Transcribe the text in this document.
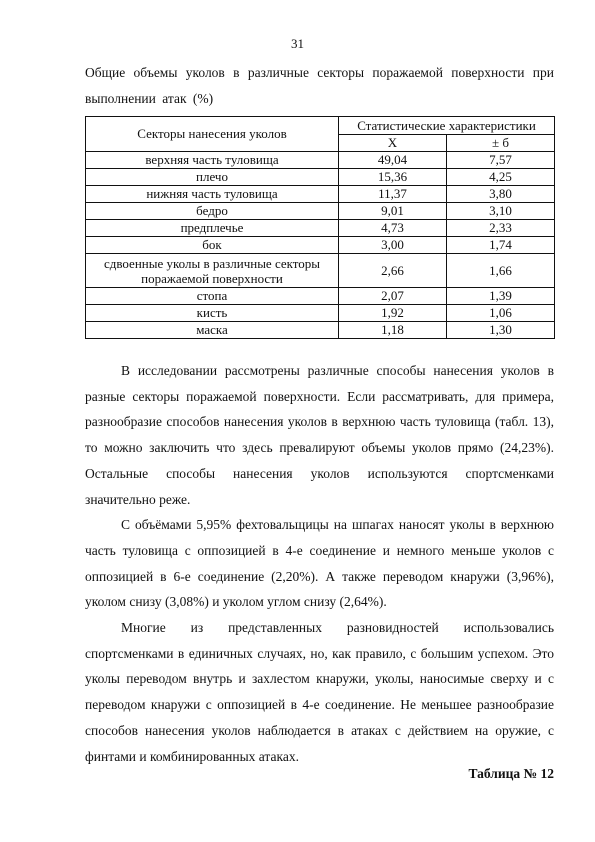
31
Общие объемы уколов в различные секторы поражаемой поверхности при выполнении атак (%)
Секторы нанесения уколов	Статистические характеристики	
	Х	± б
верхняя часть туловища	49,04	7,57
плечо	15,36	4,25
нижняя часть туловища	11,37	3,80
бедро	9,01	3,10
предплечье	4,73	2,33
бок	3,00	1,74

сдвоенные уколы в различные секторы
поражаемой поверхности	2,66	1,66
стопа	2,07	1,39
кисть	1,92	1,06
маска	1,18	1,30

В исследовании рассмотрены различные способы нанесения уколов в разные секторы поражаемой поверхности. Если рассматривать, для примера, разнообразие способов нанесения уколов в верхнюю часть туловища (табл. 13), то можно заключить что здесь превалируют объемы уколов прямо (24,23%). Остальные способы нанесения уколов используются спортсменками значительно реже.

С объёмами 5,95% фехтовальщицы на шпагах наносят уколы в верхнюю часть туловища с оппозицией в 4-е соединение и немного меньше уколов с оппозицией в 6-е соединение (2,20%). А также переводом кнаружи (3,96%), уколом снизу (3,08%) и уколом углом снизу (2,64%).

Многие из представленных разновидностей использовались спортсменками в единичных случаях, но, как правило, с большим успехом. Это уколы переводом внутрь и захлестом кнаружи, уколы, наносимые сверху и с переводом кнаружи с оппозицией в 4-е соединение. Не меньшее разнообразие способов нанесения уколов наблюдается в атаках с действием на оружие, с финтами и комбинированных атаках.

Таблица № 12
